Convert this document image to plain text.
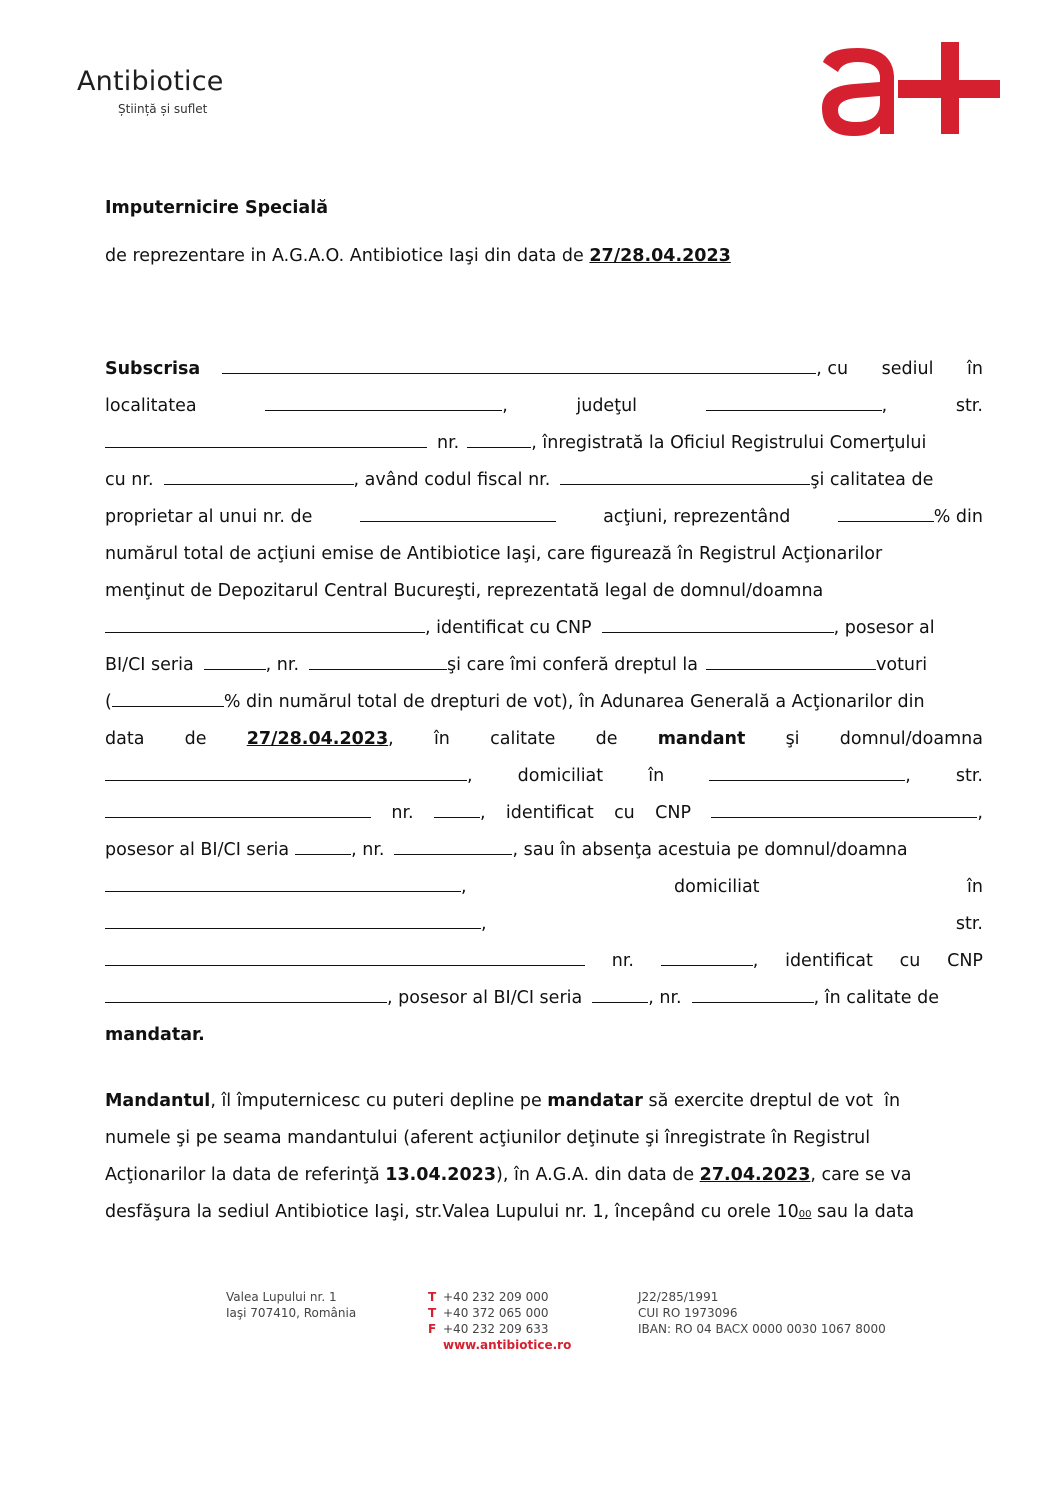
Antibiotice
Știință și suflet
Imputernicire Specială
de reprezentare in A.G.A.O. Antibiotice Iaşi din data de 27/28.04.2023
Subscrisa	, cu sediul în
localitatea	,	judeţul	,	str.
nr.	, înregistrată la Oficiul Registrului Comerţului
cu nr.	, având codul fiscal nr.	şi calitatea de
proprietar al unui nr. de	acţiuni, reprezentând	% din
numărul total de acţiuni emise de Antibiotice Iaşi, care figurează în Registrul Acţionarilor
menţinut de Depozitarul Central Bucureşti, reprezentată legal de domnul/doamna
, identificat cu CNP	, posesor al
BI/CI seria	, nr.	şi care îmi conferă dreptul la	voturi
(	% din numărul total de drepturi de vot), în Adunarea Generală a Acţionarilor din
data de 27/28.04.2023, în calitate de mandant şi domnul/doamna
,	domiciliat	în	,	str.
nr.	, identificat cu CNP	,
posesor al BI/CI seria	, nr.	, sau în absenţa acestuia pe domnul/doamna
,	domiciliat	în
,	str.
nr.	, identificat cu CNP
, posesor al BI/CI seria	, nr.	, în calitate de
mandatar.
Mandantul , îl împuternicesc cu puteri depline pe mandatar să exercite dreptul de vot  în
numele şi pe seama mandantului (aferent acţiunilor deţinute şi înregistrate în Registrul
Acţionarilor la data de referinţă 13.04.2023 ), în A.G.A. din data de 27.04.2023 , care se va
desfăşura la sediul Antibiotice Iaşi, str.Valea Lupului nr. 1, începând cu orele 10 00 sau la data
Valea Lupului nr. 1
Iaşi 707410, România
T +40 232 209 000
T +40 372 065 000
F +40 232 209 633
www.antibiotice.ro
J22/285/1991
CUI RO 1973096
IBAN: RO 04 BACX 0000 0030 1067 8000
